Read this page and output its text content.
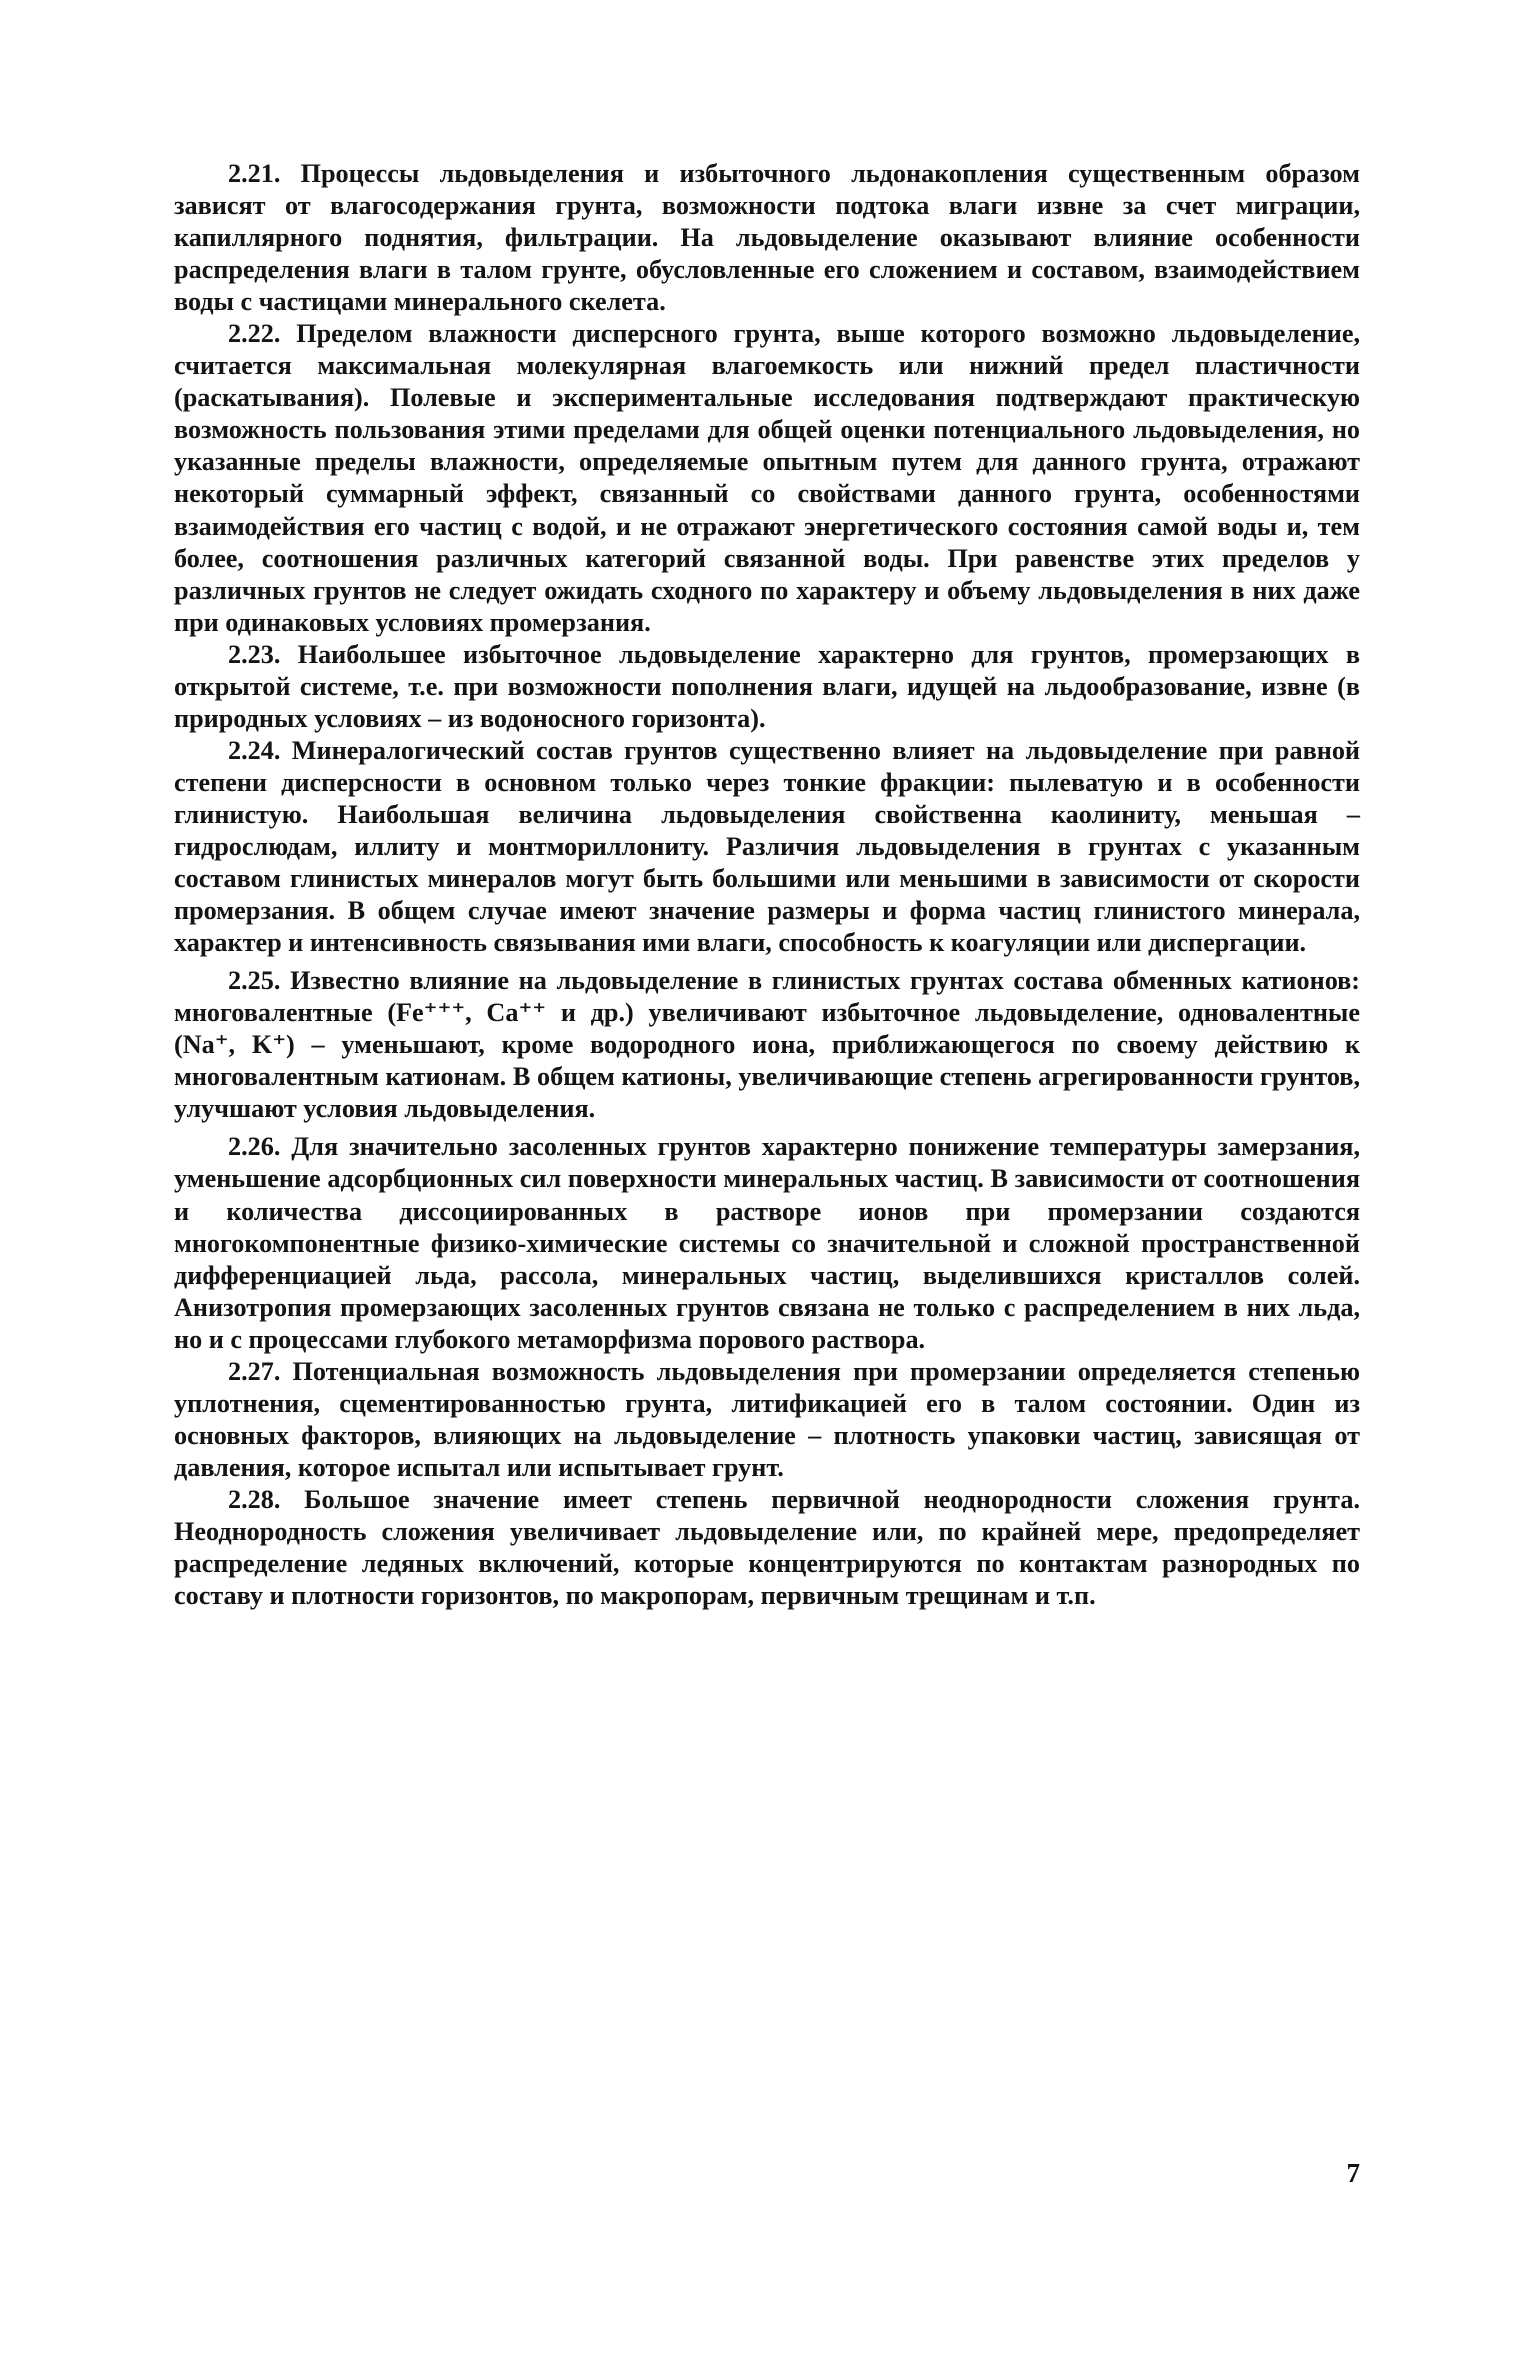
2.21. Процессы льдовыделения и избыточного льдонакопления существенным образом зависят от влагосодержания грунта, возможности подтока влаги извне за счет миграции, капиллярного поднятия, фильтрации. На льдовыделение оказывают влияние особенности распределения влаги в талом грунте, обусловленные его сложением и составом, взаимодействием воды с частицами минерального скелета.

2.22. Пределом влажности дисперсного грунта, выше которого возможно льдовыделение, считается максимальная молекулярная влагоемкость или нижний предел пластичности (раскатывания). Полевые и экспериментальные исследования подтверждают практическую возможность пользования этими пределами для общей оценки потенциального льдовыделения, но указанные пределы влажности, определяемые опытным путем для данного грунта, отражают некоторый суммарный эффект, связанный со свойствами данного грунта, особенностями взаимодействия его частиц с водой, и не отражают энергетического состояния самой воды и, тем более, соотношения различных категорий связанной воды. При равенстве этих пределов у различных грунтов не следует ожидать сходного по характеру и объему льдовыделения в них даже при одинаковых условиях промерзания.

2.23. Наибольшее избыточное льдовыделение характерно для грунтов, промерзающих в открытой системе, т.е. при возможности пополнения влаги, идущей на льдообразование, извне (в природных условиях – из водоносного горизонта).

2.24. Минералогический состав грунтов существенно влияет на льдовыделение при равной степени дисперсности в основном только через тонкие фракции: пылеватую и в особенности глинистую. Наибольшая величина льдовыделения свойственна каолиниту, меньшая – гидрослюдам, иллиту и монтмориллониту. Различия льдовыделения в грунтах с указанным составом глинистых минералов могут быть большими или меньшими в зависимости от скорости промерзания. В общем случае имеют значение размеры и форма частиц глинистого минерала, характер и интенсивность связывания ими влаги, способность к коагуляции или диспергации.

2.25. Известно влияние на льдовыделение в глинистых грунтах состава обменных катионов: многовалентные (Fe⁺⁺⁺, Ca⁺⁺ и др.) увеличивают избыточное льдовыделение, одновалентные (Na⁺, K⁺) – уменьшают, кроме водородного иона, приближающегося по своему действию к многовалентным катионам. В общем катионы, увеличивающие степень агрегированности грунтов, улучшают условия льдовыделения.

2.26. Для значительно засоленных грунтов характерно понижение температуры замерзания, уменьшение адсорбционных сил поверхности минеральных частиц. В зависимости от соотношения и количества диссоциированных в растворе ионов при промерзании создаются многокомпонентные физико-химические системы со значительной и сложной пространственной дифференциацией льда, рассола, минеральных частиц, выделившихся кристаллов солей. Анизотропия промерзающих засоленных грунтов связана не только с распределением в них льда, но и с процессами глубокого метаморфизма порового раствора.

2.27. Потенциальная возможность льдовыделения при промерзании определяется степенью уплотнения, сцементированностью грунта, литификацией его в талом состоянии. Один из основных факторов, влияющих на льдовыделение – плотность упаковки частиц, зависящая от давления, которое испытал или испытывает грунт.

2.28. Большое значение имеет степень первичной неоднородности сложения грунта. Неоднородность сложения увеличивает льдовыделение или, по крайней мере, предопределяет распределение ледяных включений, которые концентрируются по контактам разнородных по составу и плотности горизонтов, по макропорам, первичным трещинам и т.п.

7
